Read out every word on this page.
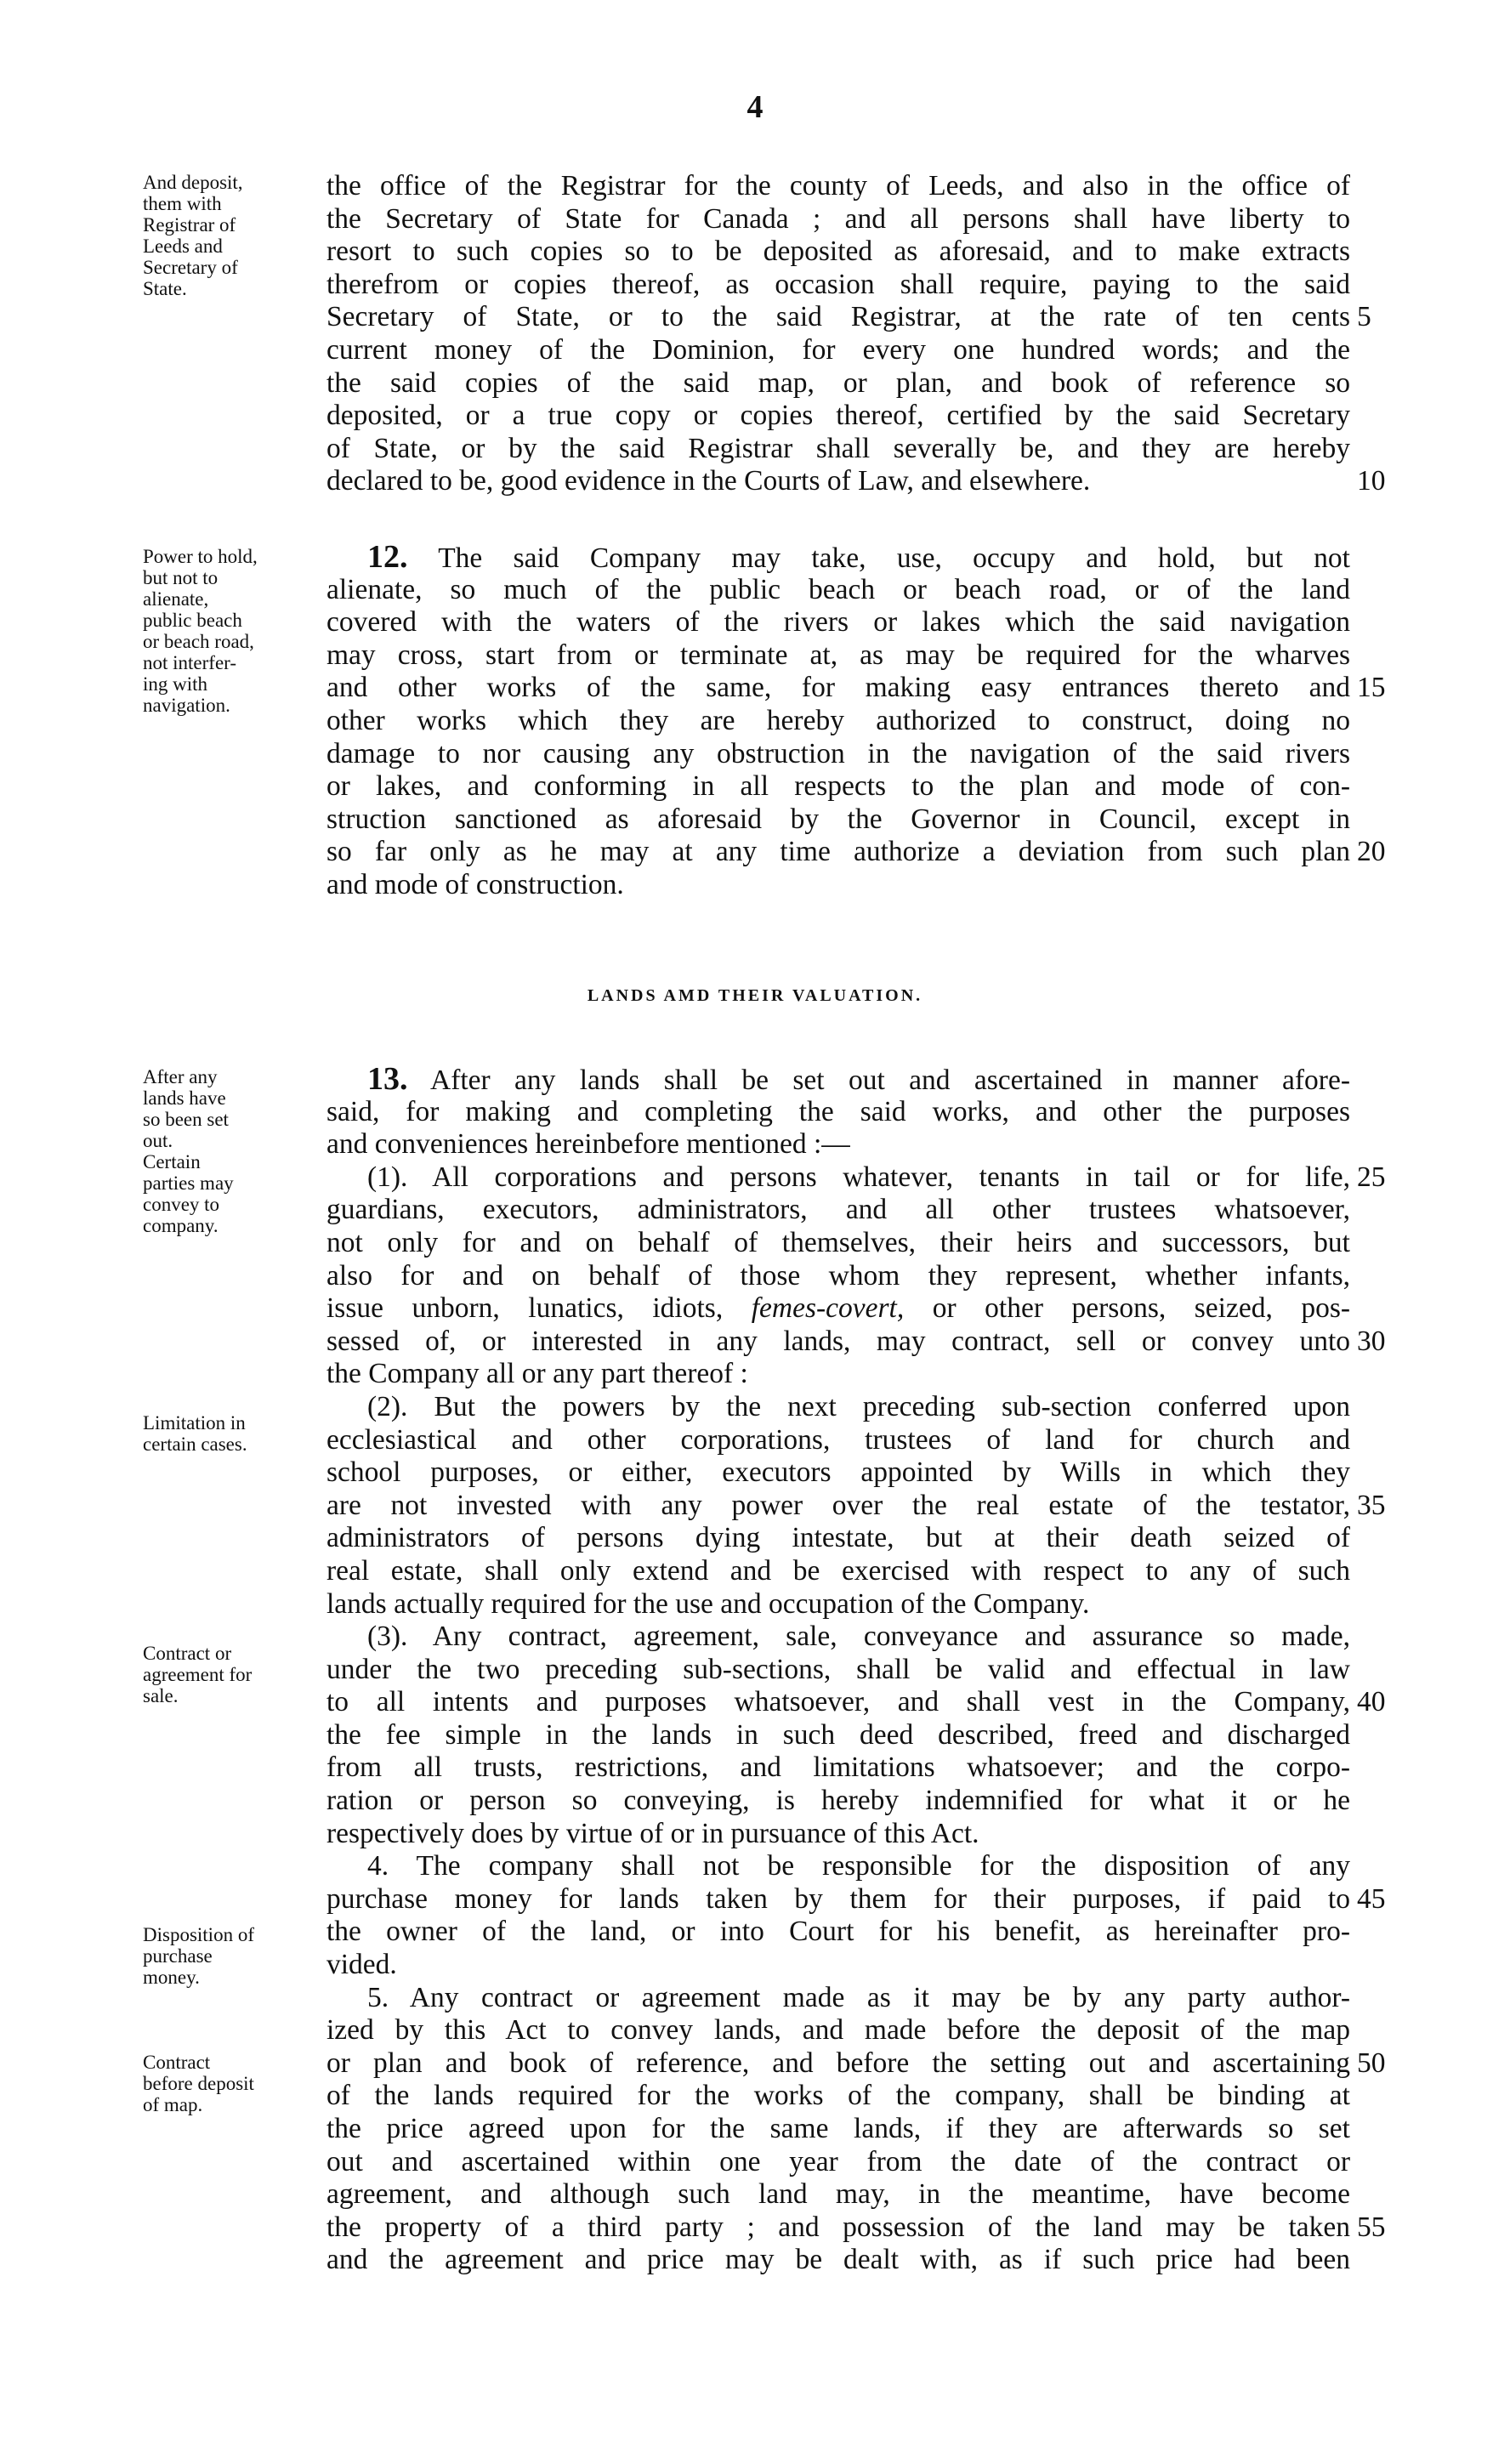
4
And deposit,
them with
Registrar of
Leeds and
Secretary of
State.
the office of the Registrar for the county of Leeds, and also in the office of
the Secretary of State for Canada ; and all persons shall have liberty to
resort to such copies so to be deposited as aforesaid, and to make extracts
therefrom or copies thereof, as occasion shall require, paying to the said
Secretary of State, or to the said Registrar, at the rate of ten cents
current money of the Dominion, for every one hundred words; and the
the said copies of the said map, or plan, and book of reference so
deposited, or a true copy or copies thereof, certified by the said Secretary
of State, or by the said Registrar shall severally be, and they are hereby
declared to be, good evidence in the Courts of Law, and elsewhere.
5
10
Power to hold,
but not to
alienate,
public beach
or beach road,
not interfer-
ing with
navigation.
12. The said Company may take, use, occupy and hold, but not
alienate, so much of the public beach or beach road, or of the land
covered with the waters of the rivers or lakes which the said navigation
may cross, start from or terminate at, as may be required for the wharves
and other works of the same, for making easy entrances thereto and
other works which they are hereby authorized to construct, doing no
damage to nor causing any obstruction in the navigation of the said rivers
or lakes, and conforming in all respects to the plan and mode of con-
struction sanctioned as aforesaid by the Governor in Council, except in
so far only as he may at any time authorize a deviation from such plan
and mode of construction.
15
20
LANDS AMD THEIR VALUATION.
After any
lands have
so been set
out.
Certain
parties may
convey to
company.
Limitation in
certain cases.
Contract or
agreement for
sale.
Disposition of
purchase
money.
Contract
before deposit
of map.
13. After any lands shall be set out and ascertained in manner afore-
said, for making and completing the said works, and other the purposes
and conveniences hereinbefore mentioned :—
(1). All corporations and persons whatever, tenants in tail or for life,
guardians, executors, administrators, and all other trustees whatsoever,
not only for and on behalf of themselves, their heirs and successors, but
also for and on behalf of those whom they represent, whether infants,
issue unborn, lunatics, idiots, femes-covert, or other persons, seized, pos-
sessed of, or interested in any lands, may contract, sell or convey unto
the Company all or any part thereof :
(2). But the powers by the next preceding sub-section conferred upon
ecclesiastical and other corporations, trustees of land for church and
school purposes, or either, executors appointed by Wills in which they
are not invested with any power over the real estate of the testator,
administrators of persons dying intestate, but at their death seized of
real estate, shall only extend and be exercised with respect to any of such
lands actually required for the use and occupation of the Company.
(3). Any contract, agreement, sale, conveyance and assurance so made,
under the two preceding sub-sections, shall be valid and effectual in law
to all intents and purposes whatsoever, and shall vest in the Company,
the fee simple in the lands in such deed described, freed and discharged
from all trusts, restrictions, and limitations whatsoever; and the corpo-
ration or person so conveying, is hereby indemnified for what it or he
respectively does by virtue of or in pursuance of this Act.
4. The company shall not be responsible for the disposition of any
purchase money for lands taken by them for their purposes, if paid to
the owner of the land, or into Court for his benefit, as hereinafter pro-
vided.
5. Any contract or agreement made as it may be by any party author-
ized by this Act to convey lands, and made before the deposit of the map
or plan and book of reference, and before the setting out and ascertaining
of the lands required for the works of the company, shall be binding at
the price agreed upon for the same lands, if they are afterwards so set
out and ascertained within one year from the date of the contract or
agreement, and although such land may, in the meantime, have become
the property of a third party ; and possession of the land may be taken
and the agreement and price may be dealt with, as if such price had been
25
30
35
40
45
50
55
